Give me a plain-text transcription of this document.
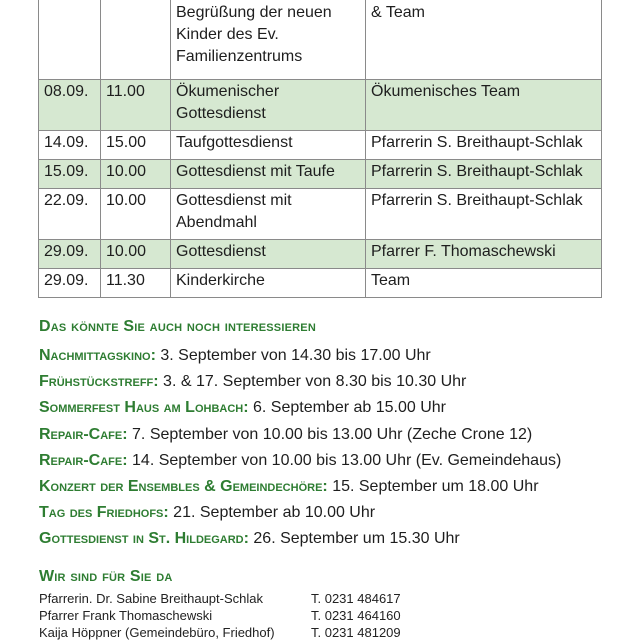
		Begrüßung der neuen Kinder des Ev. Familienzentrums	& Team
08.09.	11.00	Ökumenischer Gottesdienst	Ökumenisches Team
14.09.	15.00	Taufgottesdienst	Pfarrerin S. Breithaupt-Schlak
15.09.	10.00	Gottesdienst mit Taufe	Pfarrerin S. Breithaupt-Schlak
22.09.	10.00	Gottesdienst mit Abendmahl	Pfarrerin S. Breithaupt-Schlak
29.09.	10.00	Gottesdienst	Pfarrer F. Thomaschewski
29.09.	11.30	Kinderkirche	Team
Das könnte Sie auch noch interessieren
Nachmittagskino: 3. September von 14.30 bis 17.00 Uhr
Frühstückstreff: 3. & 17. September von 8.30 bis 10.30 Uhr
Sommerfest Haus am Lohbach: 6. September ab 15.00 Uhr
Repair-Cafe: 7. September von 10.00 bis 13.00 Uhr (Zeche Crone 12)
Repair-Cafe: 14. September von 10.00 bis 13.00 Uhr (Ev. Gemeindehaus)
Konzert der Ensembles & Gemeindechöre: 15. September um 18.00 Uhr
Tag des Friedhofs: 21. September ab 10.00 Uhr
Gottesdienst in St. Hildegard: 26. September um 15.30 Uhr
Wir sind für Sie da
Pfarrerin. Dr. Sabine Breithaupt-Schlak	T. 0231 484617
Pfarrer Frank Thomaschewski	T. 0231 464160
Kaija Höppner (Gemeindebüro, Friedhof)	T. 0231 481209
